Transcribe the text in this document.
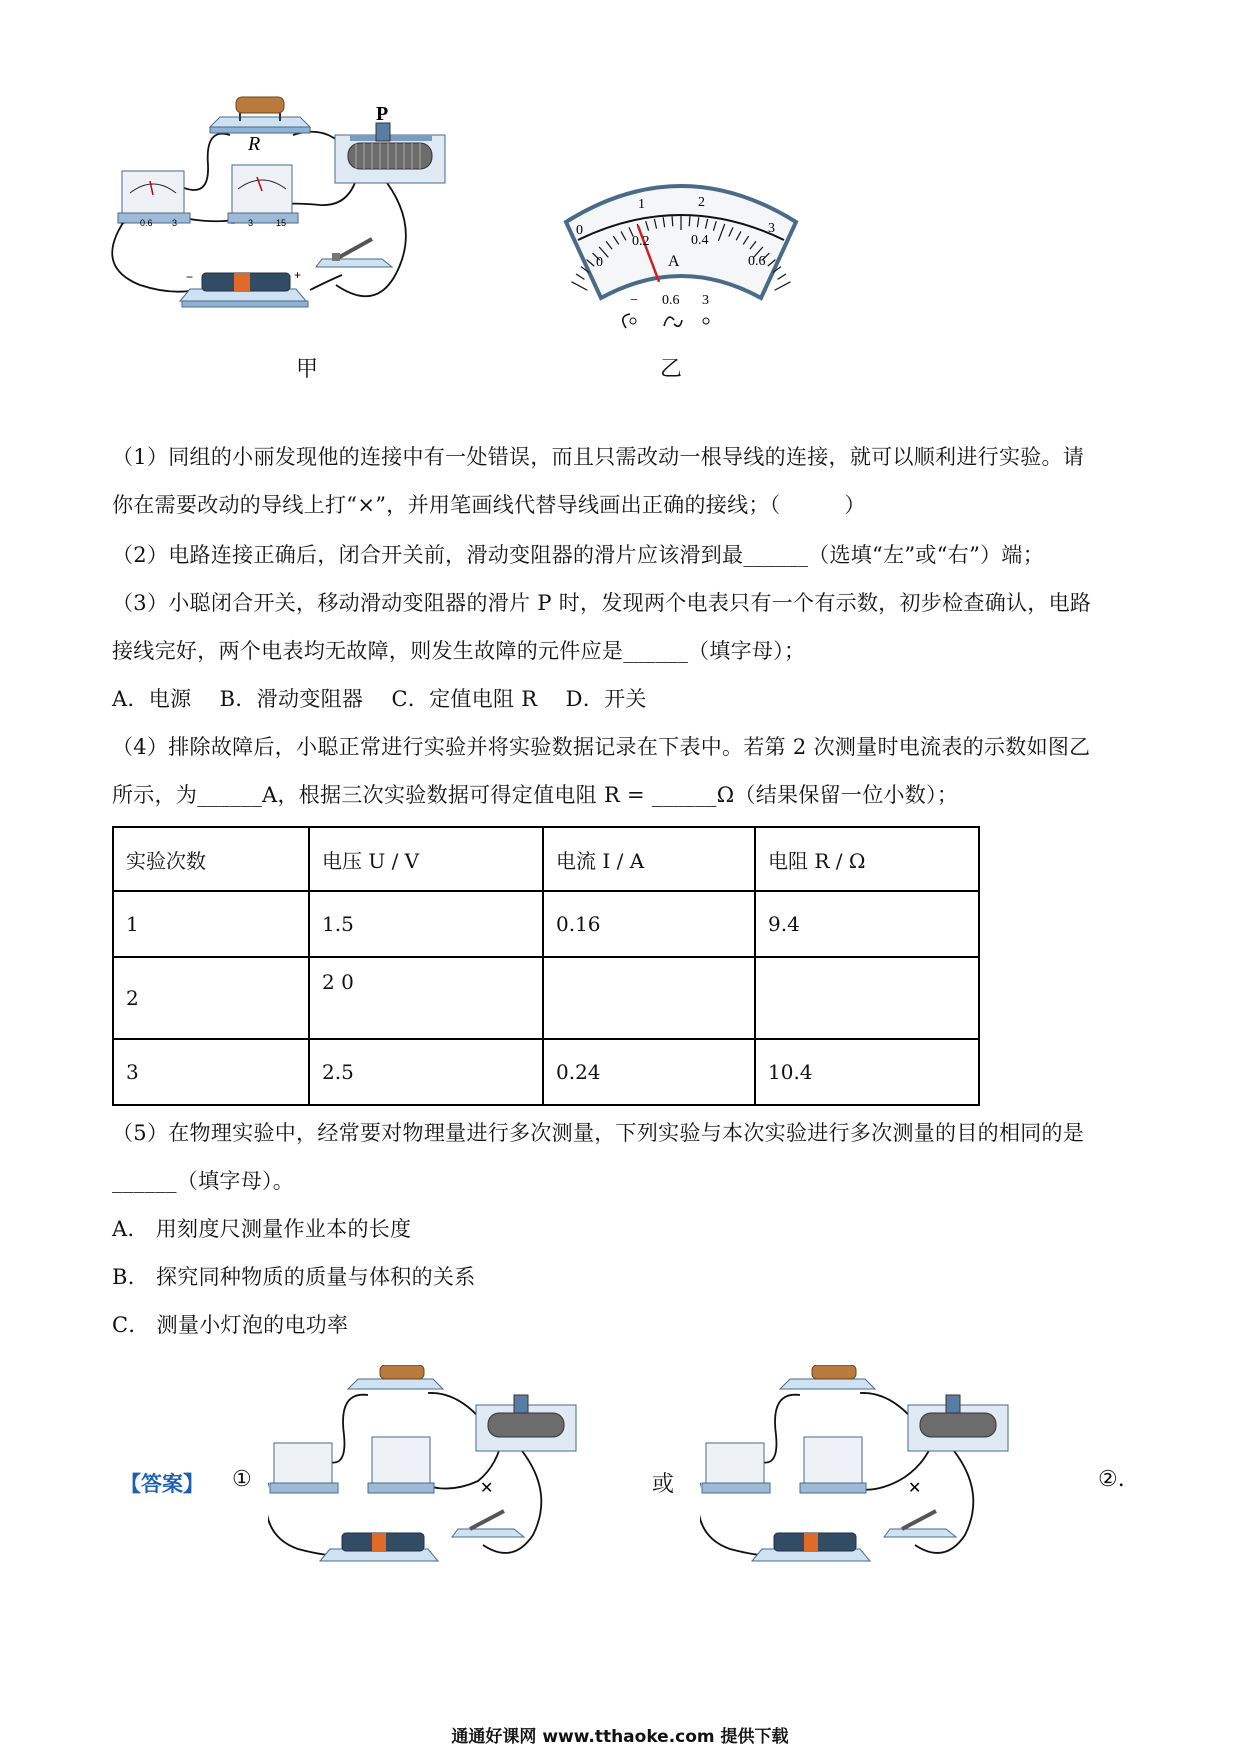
R
P
− 0.6 3	− 3	15
−	+
甲
0
1	2
3
0
0.2	0.4
0.6
A
− 0.6 3
乙
（1）同组的小丽发现他的连接中有一处错误，而且只需改动一根导线的连接，就可以顺利进行实验。请
你在需要改动的导线上打“×”，并用笔画线代替导线画出正确的接线；（　　　）
（2）电路连接正确后，闭合开关前，滑动变阻器的滑片应该滑到最______（选填“左”或“右”）端；
（3）小聪闭合开关，移动滑动变阻器的滑片 P 时，发现两个电表只有一个有示数，初步检查确认，电路
接线完好，两个电表均无故障，则发生故障的元件应是______（填字母）；
A．电源　 B．滑动变阻器　 C．定值电阻 R　 D．开关
（4）排除故障后，小聪正常进行实验并将实验数据记录在下表中。若第 2 次测量时电流表的示数如图乙
所示，为______A，根据三次实验数据可得定值电阻 R = ______Ω（结果保留一位小数）；
实验次数	电压 U / V	电流 I / A	电阻 R / Ω
1	1.5	0.16	9.4
2	2 0		
3	2.5	0.24	10.4
（5）在物理实验中，经常要对物理量进行多次测量，下列实验与本次实验进行多次测量的目的相同的是
______（填字母）。
A． 用刻度尺测量作业本的长度
B． 探究同种物质的质量与体积的关系
C． 测量小灯泡的电功率
【答案】 ①	✕	或	✕	②.
通通好课网 www.tthaoke.com 提供下载
